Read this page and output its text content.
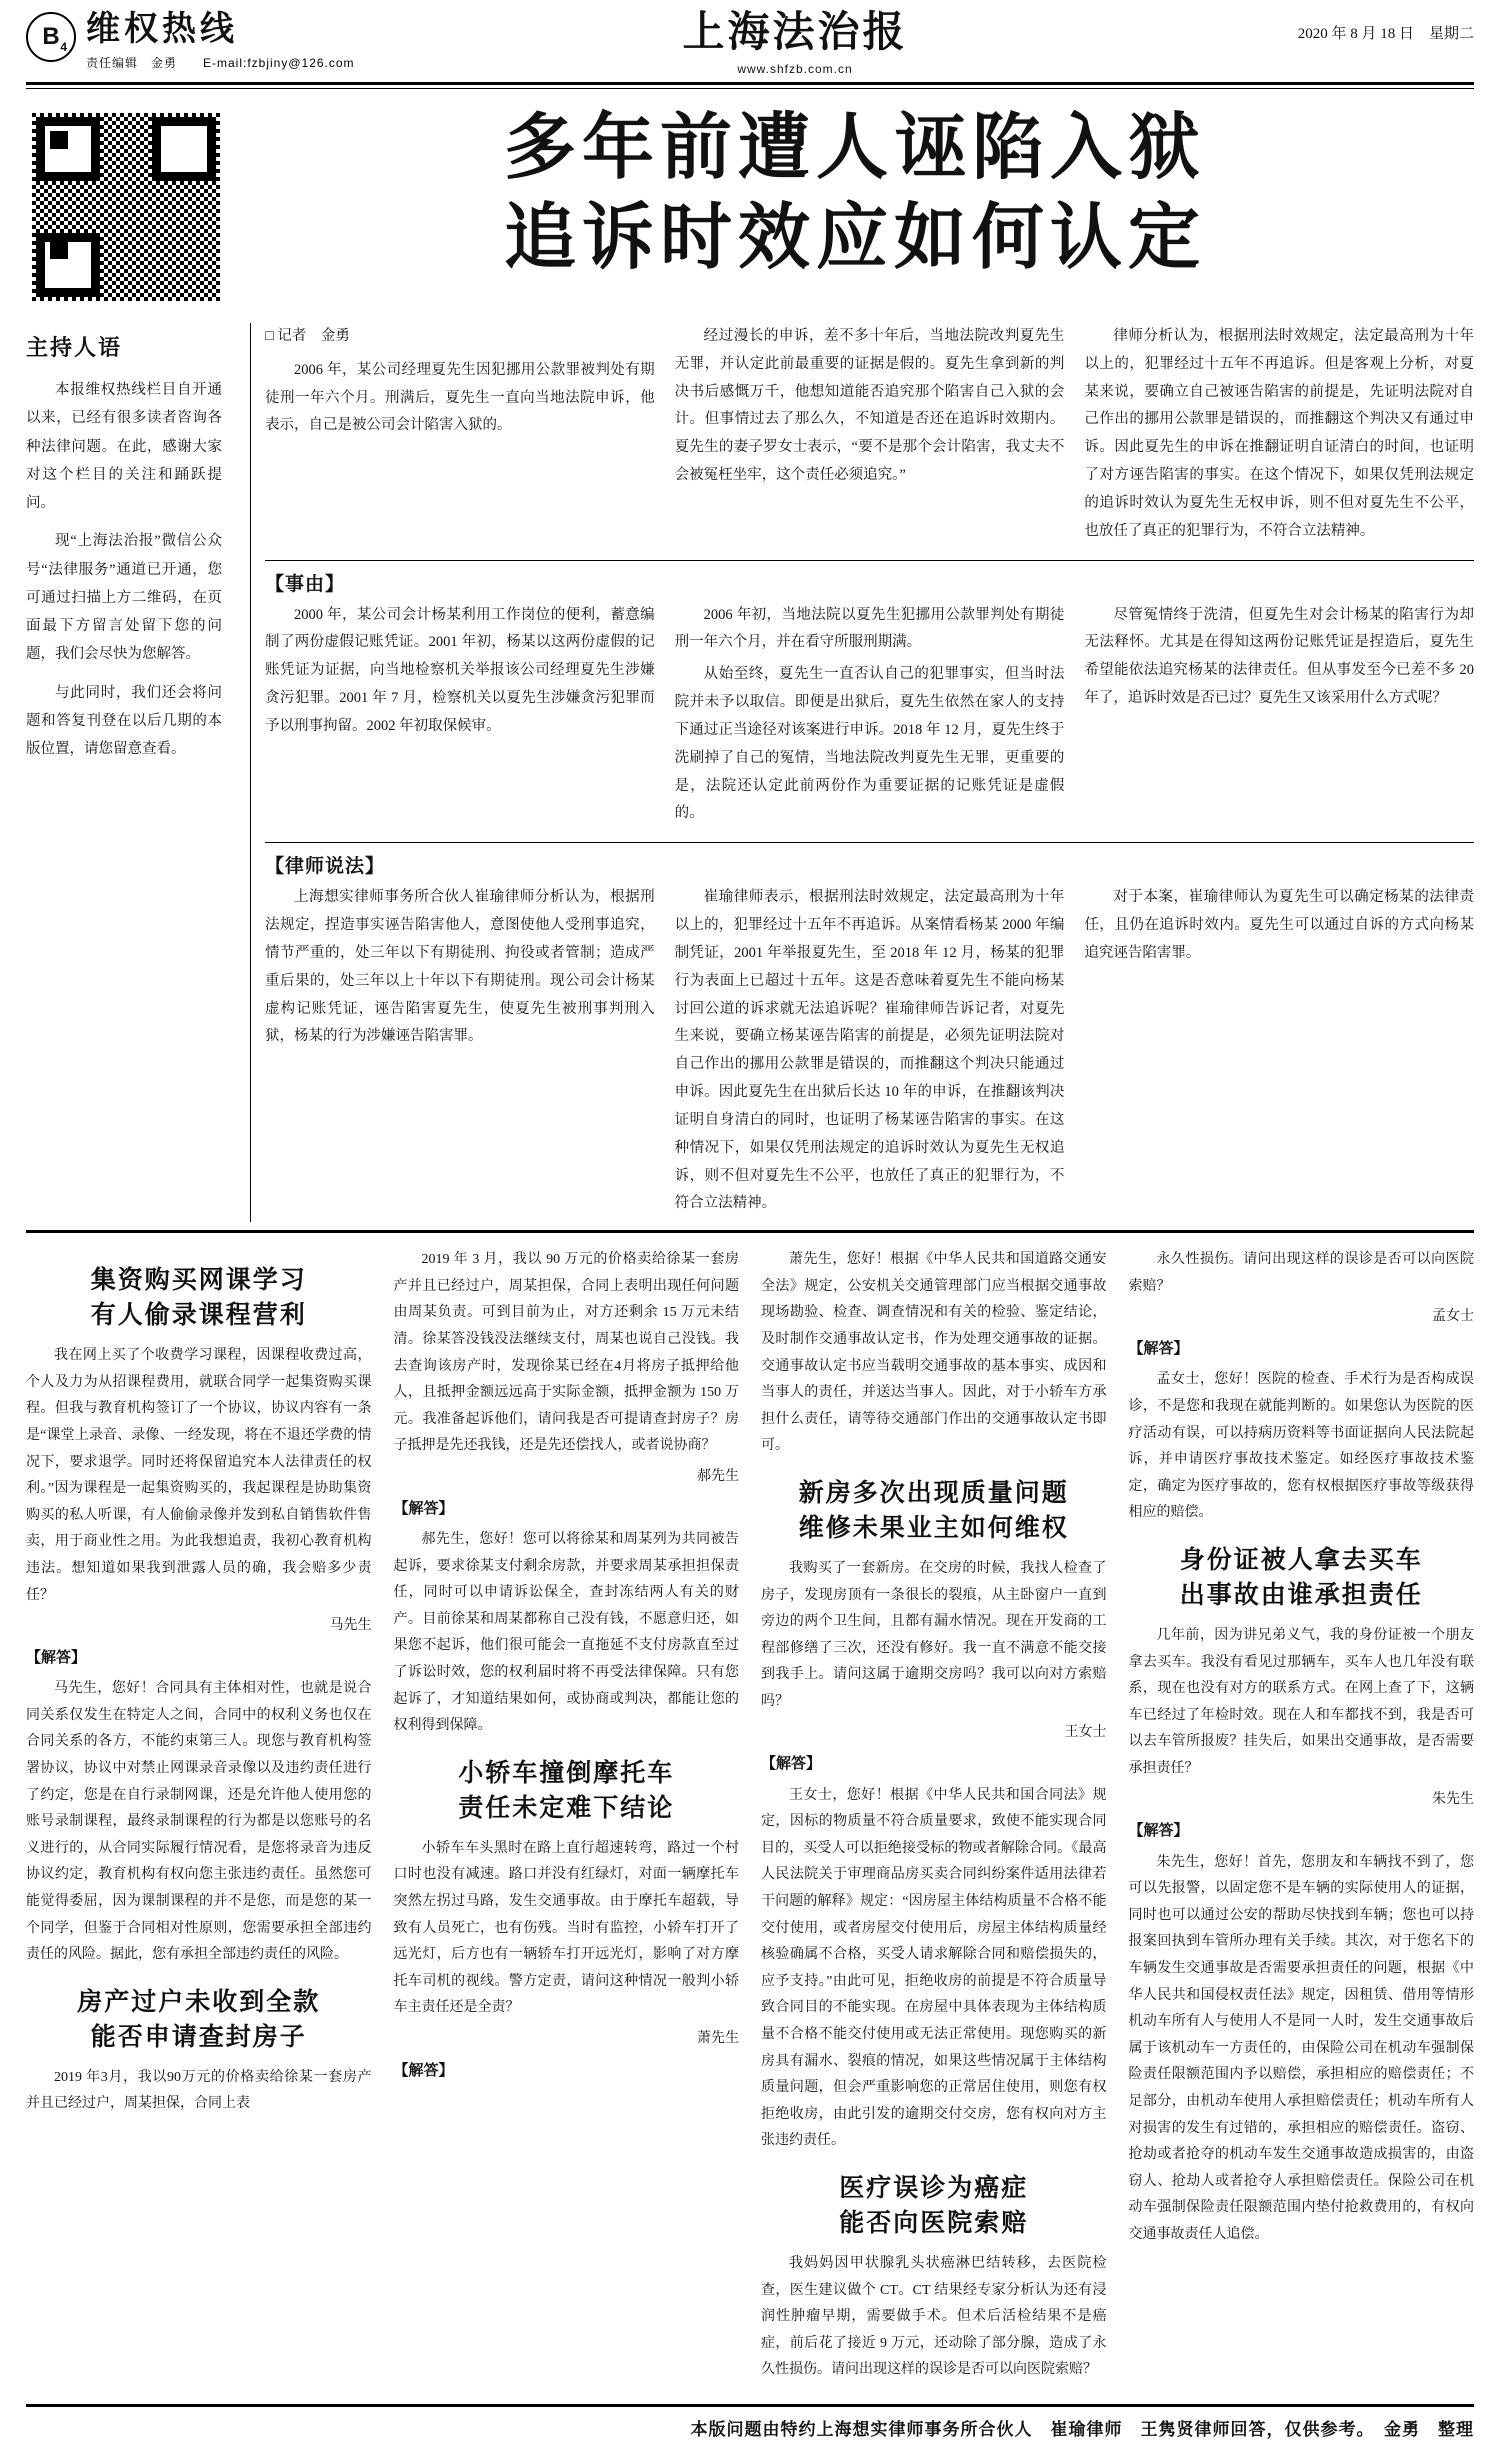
$B_4$ 维权热线
责任编辑　金勇　　E-mail:fzbjiny@126.com
上海法治报
www.shfzb.com.cn
2020 年 8 月 18 日　星期二
多年前遭人诬陷入狱
追诉时效应如何认定
主持人语

本报维权热线栏目自开通以来，已经有很多读者咨询各种法律问题。在此，感谢大家对这个栏目的关注和踊跃提问。

现“上海法治报”微信公众号“法律服务”通道已开通，您可通过扫描上方二维码，在页面最下方留言处留下您的问题，我们会尽快为您解答。

与此同时，我们还会将问题和答复刊登在以后几期的本版位置，请您留意查看。

□ 记者　金勇

2006 年，某公司经理夏先生因犯挪用公款罪被判处有期徒刑一年六个月。刑满后，夏先生一直向当地法院申诉，他表示，自己是被公司会计陷害入狱的。

经过漫长的申诉，差不多十年后，当地法院改判夏先生无罪，并认定此前最重要的证据是假的。夏先生拿到新的判决书后感慨万千，他想知道能否追究那个陷害自己入狱的会计。但事情过去了那么久，不知道是否还在追诉时效期内。夏先生的妻子罗女士表示，“要不是那个会计陷害，我丈夫不会被冤枉坐牢，这个责任必须追究。”

律师分析认为，根据刑法时效规定，法定最高刑为十年以上的，犯罪经过十五年不再追诉。但是客观上分析，对夏某来说，要确立自己被诬告陷害的前提是，先证明法院对自己作出的挪用公款罪是错误的，而推翻这个判决又有通过申诉。因此夏先生的申诉在推翻证明自证清白的时间，也证明了对方诬告陷害的事实。在这个情况下，如果仅凭刑法规定的追诉时效认为夏先生无权申诉，则不但对夏先生不公平，也放任了真正的犯罪行为，不符合立法精神。

【事由】

2000 年，某公司会计杨某利用工作岗位的便利，蓄意编制了两份虚假记账凭证。2001 年初，杨某以这两份虚假的记账凭证为证据，向当地检察机关举报该公司经理夏先生涉嫌贪污犯罪。2001 年 7 月，检察机关以夏先生涉嫌贪污犯罪而予以刑事拘留。2002 年初取保候审。

2006 年初，当地法院以夏先生犯挪用公款罪判处有期徒刑一年六个月，并在看守所服刑期满。

从始至终，夏先生一直否认自己的犯罪事实，但当时法院并未予以取信。即便是出狱后，夏先生依然在家人的支持下通过正当途径对该案进行申诉。2018 年 12 月，夏先生终于洗刷掉了自己的冤情，当地法院改判夏先生无罪，更重要的是，法院还认定此前两份作为重要证据的记账凭证是虚假的。

尽管冤情终于洗清，但夏先生对会计杨某的陷害行为却无法释怀。尤其是在得知这两份记账凭证是捏造后，夏先生希望能依法追究杨某的法律责任。但从事发至今已差不多 20 年了，追诉时效是否已过？夏先生又该采用什么方式呢？

【律师说法】

上海想实律师事务所合伙人崔瑜律师分析认为，根据刑法规定，捏造事实诬告陷害他人，意图使他人受刑事追究，情节严重的，处三年以下有期徒刑、拘役或者管制；造成严重后果的，处三年以上十年以下有期徒刑。现公司会计杨某虚构记账凭证，诬告陷害夏先生，使夏先生被刑事判刑入狱，杨某的行为涉嫌诬告陷害罪。

崔瑜律师表示，根据刑法时效规定，法定最高刑为十年以上的，犯罪经过十五年不再追诉。从案情看杨某 2000 年编制凭证，2001 年举报夏先生，至 2018 年 12 月，杨某的犯罪行为表面上已超过十五年。这是否意味着夏先生不能向杨某讨回公道的诉求就无法追诉呢？崔瑜律师告诉记者，对夏先生来说，要确立杨某诬告陷害的前提是，必须先证明法院对自己作出的挪用公款罪是错误的，而推翻这个判决只能通过申诉。因此夏先生在出狱后长达 10 年的申诉，在推翻该判决证明自身清白的同时，也证明了杨某诬告陷害的事实。在这种情况下，如果仅凭刑法规定的追诉时效认为夏先生无权追诉，则不但对夏先生不公平，也放任了真正的犯罪行为，不符合立法精神。

对于本案，崔瑜律师认为夏先生可以确定杨某的法律责任，且仍在追诉时效内。夏先生可以通过自诉的方式向杨某追究诬告陷害罪。

集资购买网课学习
有人偷录课程营利

我在网上买了个收费学习课程，因课程收费过高，个人及力为从招课程费用，就联合同学一起集资购买课程。但我与教育机构签订了一个协议，协议内容有一条是“课堂上录音、录像、一经发现，将在不退还学费的情况下，要求退学。同时还将保留追究本人法律责任的权利。”因为课程是一起集资购买的，我起课程是协助集资购买的私人听课，有人偷偷录像并发到私自销售软件售卖，用于商业性之用。为此我想追责，我初心教育机构违法。想知道如果我到泄露人员的确，我会赔多少责任？

马先生

【解答】

马先生，您好！合同具有主体相对性，也就是说合同关系仅发生在特定人之间，合同中的权利义务也仅在合同关系的各方，不能约束第三人。现您与教育机构签署协议，协议中对禁止网课录音录像以及违约责任进行了约定，您是在自行录制网课，还是允许他人使用您的账号录制课程，最终录制课程的行为都是以您账号的名义进行的，从合同实际履行情况看，是您将录音为违反协议约定，教育机构有权向您主张违约责任。虽然您可能觉得委屈，因为课制课程的并不是您，而是您的某一个同学，但鉴于合同相对性原则，您需要承担全部违约责任的风险。据此，您有承担全部违约责任的风险。

房产过户未收到全款
能否申请查封房子

2019 年3月，我以90万元的价格卖给徐某一套房产并且已经过户，周某担保，合同上表

2019 年 3 月，我以 90 万元的价格卖给徐某一套房产并且已经过户，周某担保，合同上表明出现任何问题由周某负责。可到目前为止，对方还剩余 15 万元未结清。徐某答没钱没法继续支付，周某也说自己没钱。我去查询该房产时，发现徐某已经在4月将房子抵押给他人，且抵押金额远远高于实际金额，抵押金额为 150 万元。我准备起诉他们，请问我是否可提请查封房子？房子抵押是先还我钱，还是先还偿找人，或者说协商？

郝先生

【解答】

郝先生，您好！您可以将徐某和周某列为共同被告起诉，要求徐某支付剩余房款，并要求周某承担担保责任，同时可以申请诉讼保全，查封冻结两人有关的财产。目前徐某和周某都称自己没有钱，不愿意归还，如果您不起诉，他们很可能会一直拖延不支付房款直至过了诉讼时效，您的权利届时将不再受法律保障。只有您起诉了，才知道结果如何，或协商或判决，都能让您的权利得到保障。

小轿车撞倒摩托车
责任未定难下结论

小轿车车头黑时在路上直行超速转弯，路过一个村口时也没有减速。路口并没有红绿灯，对面一辆摩托车突然左拐过马路，发生交通事故。由于摩托车超载，导致有人员死亡，也有伤残。当时有监控，小轿车打开了远光灯，后方也有一辆轿车打开远光灯，影响了对方摩托车司机的视线。警方定责，请问这种情况一般判小轿车主责任还是全责？

萧先生

【解答】

萧先生，您好！根据《中华人民共和国道路交通安全法》规定，公安机关交通管理部门应当根据交通事故现场勘验、检查、调查情况和有关的检验、鉴定结论，及时制作交通事故认定书，作为处理交通事故的证据。交通事故认定书应当载明交通事故的基本事实、成因和当事人的责任，并送达当事人。因此，对于小轿车方承担什么责任，请等待交通部门作出的交通事故认定书即可。

新房多次出现质量问题
维修未果业主如何维权

我购买了一套新房。在交房的时候，我找人检查了房子，发现房顶有一条很长的裂痕，从主卧窗户一直到旁边的两个卫生间，且都有漏水情况。现在开发商的工程部修缮了三次，还没有修好。我一直不满意不能交接到我手上。请问这属于逾期交房吗？我可以向对方索赔吗？

王女士

【解答】

王女士，您好！根据《中华人民共和国合同法》规定，因标的物质量不符合质量要求，致使不能实现合同目的，买受人可以拒绝接受标的物或者解除合同。《最高人民法院关于审理商品房买卖合同纠纷案件适用法律若干问题的解释》规定：“因房屋主体结构质量不合格不能交付使用，或者房屋交付使用后，房屋主体结构质量经核验确属不合格，买受人请求解除合同和赔偿损失的，应予支持。”由此可见，拒绝收房的前提是不符合质量导致合同目的不能实现。在房屋中具体表现为主体结构质量不合格不能交付使用或无法正常使用。现您购买的新房具有漏水、裂痕的情况，如果这些情况属于主体结构质量问题，但会严重影响您的正常居住使用，则您有权拒绝收房，由此引发的逾期交付交房，您有权向对方主张违约责任。

医疗误诊为癌症
能否向医院索赔

我妈妈因甲状腺乳头状癌淋巴结转移，去医院检查，医生建议做个 CT。CT 结果经专家分析认为还有浸润性肿瘤早期，需要做手术。但术后活检结果不是癌症，前后花了接近 9 万元，还动除了部分腺，造成了永久性损伤。请问出现这样的误诊是否可以向医院索赔？

永久性损伤。请问出现这样的误诊是否可以向医院索赔？

孟女士

【解答】

孟女士，您好！医院的检查、手术行为是否构成误诊，不是您和我现在就能判断的。如果您认为医院的医疗活动有误，可以持病历资料等书面证据向人民法院起诉，并申请医疗事故技术鉴定。如经医疗事故技术鉴定，确定为医疗事故的，您有权根据医疗事故等级获得相应的赔偿。

身份证被人拿去买车
出事故由谁承担责任

几年前，因为讲兄弟义气，我的身份证被一个朋友拿去买车。我没有看见过那辆车，买车人也几年没有联系，现在也没有对方的联系方式。在网上查了下，这辆车已经过了年检时效。现在人和车都找不到，我是否可以去车管所报废？挂失后，如果出交通事故，是否需要承担责任？

朱先生

【解答】

朱先生，您好！首先，您朋友和车辆找不到了，您可以先报警，以固定您不是车辆的实际使用人的证据，同时也可以通过公安的帮助尽快找到车辆；您也可以持报案回执到车管所办理有关手续。其次，对于您名下的车辆发生交通事故是否需要承担责任的问题，根据《中华人民共和国侵权责任法》规定，因租赁、借用等情形机动车所有人与使用人不是同一人时，发生交通事故后属于该机动车一方责任的，由保险公司在机动车强制保险责任限额范围内予以赔偿，承担相应的赔偿责任；不足部分，由机动车使用人承担赔偿责任；机动车所有人对损害的发生有过错的，承担相应的赔偿责任。盗窃、抢劫或者抢夺的机动车发生交通事故造成损害的，由盗窃人、抢劫人或者抢夺人承担赔偿责任。保险公司在机动车强制保险责任限额范围内垫付抢救费用的，有权向交通事故责任人追偿。

本版问题由特约上海想实律师事务所合伙人　崔瑜律师　王隽贤律师回答，仅供参考。　金勇　整理
